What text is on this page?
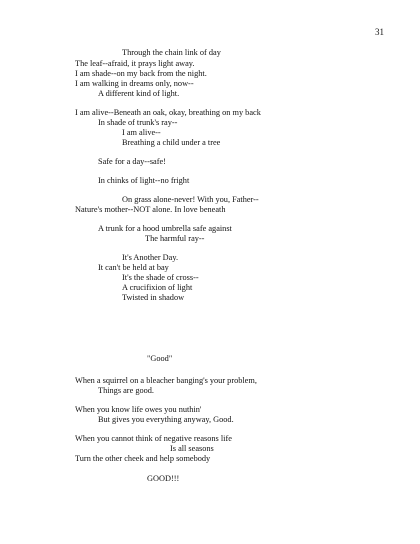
31
Through the chain link of day
The leaf--afraid, it prays light away.
I am shade--on my back from the night.
I am walking in dreams only, now--
A different kind of light.
I am alive--Beneath an oak, okay, breathing on my back
In shade of trunk's ray--
I am alive--
Breathing a child under a tree
Safe for a day--safe!
In chinks of light--no fright
On grass alone-never! With you, Father--
Nature's mother--NOT alone. In love beneath
A trunk for a hood umbrella safe against
The harmful ray--
It's Another Day.
It can't be held at bay
It's the shade of cross--
A crucifixion of light
Twisted in shadow
"Good"
When a squirrel on a bleacher banging's your problem,
Things are good.
When you know life owes you nuthin'
But gives you everything anyway, Good.
When you cannot think of negative reasons life
Is all seasons
Turn the other cheek and help somebody
GOOD!!!
